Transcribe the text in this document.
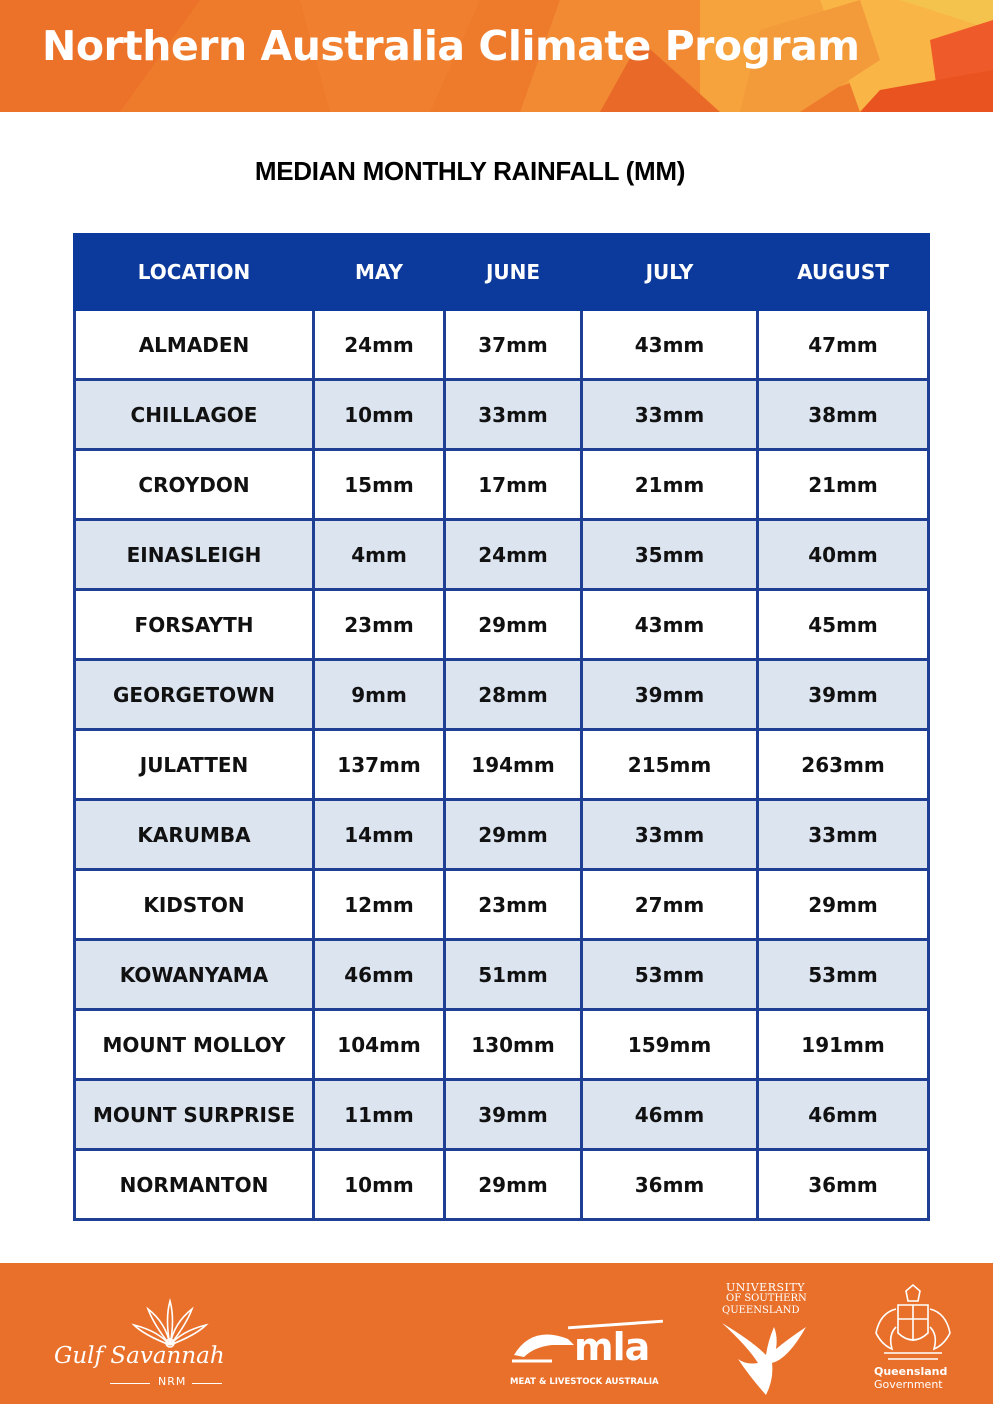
Northern Australia Climate Program
MEDIAN MONTHLY RAINFALL (MM)
LOCATION	MAY	JUNE	JULY	AUGUST
ALMADEN	24mm	37mm	43mm	47mm
CHILLAGOE	10mm	33mm	33mm	38mm
CROYDON	15mm	17mm	21mm	21mm
EINASLEIGH	4mm	24mm	35mm	40mm
FORSAYTH	23mm	29mm	43mm	45mm
GEORGETOWN	9mm	28mm	39mm	39mm
JULATTEN	137mm	194mm	215mm	263mm
KARUMBA	14mm	29mm	33mm	33mm
KIDSTON	12mm	23mm	27mm	29mm
KOWANYAMA	46mm	51mm	53mm	53mm
MOUNT MOLLOY	104mm	130mm	159mm	191mm
MOUNT SURPRISE	11mm	39mm	46mm	46mm
NORMANTON	10mm	29mm	36mm	36mm
Gulf Savannah
NRM
mla
MEAT & LIVESTOCK AUSTRALIA
UNIVERSITY
OF SOUTHERN
QUEENSLAND
Queensland
Government
